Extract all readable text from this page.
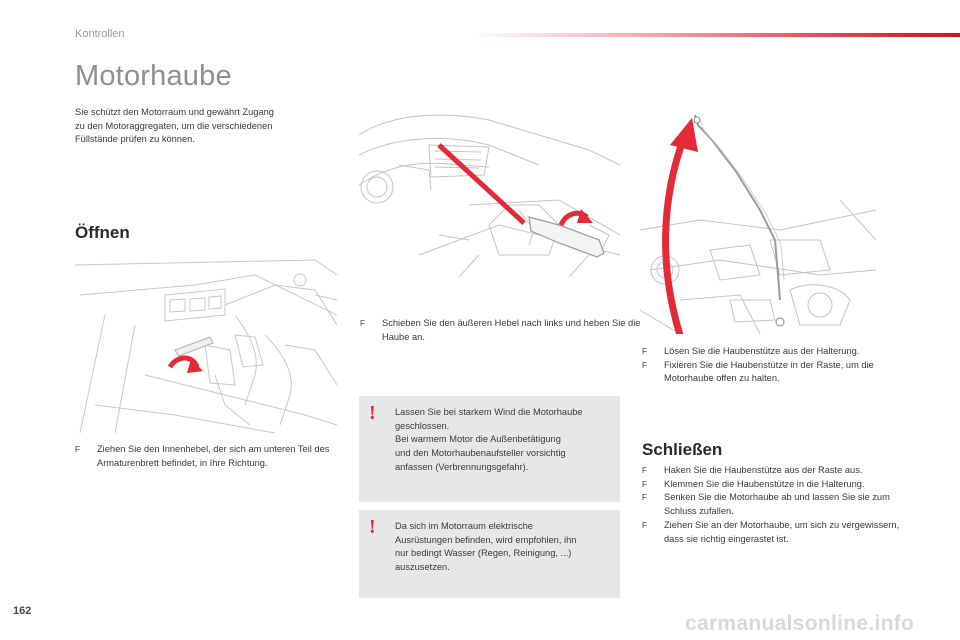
Kontrollen
Motorhaube
Sie schützt den Motorraum und gewährt Zugang
zu den Motoraggregaten, um die verschiedenen
Füllstände prüfen zu können.
Öffnen
F Ziehen Sie den Innenhebel, der sich am unteren Teil des Armaturenbrett befindet, in Ihre Richtung.
F Schieben Sie den äußeren Hebel nach links und heben Sie die Haube an.
! Lassen Sie bei starkem Wind die Motorhaube
geschlossen.
Bei warmem Motor die Außenbetätigung
und den Motorhaubenaufsteller vorsichtig
anfassen (Verbrennungsgefahr).
! Da sich im Motorraum elektrische
Ausrüstungen befinden, wird empfohlen, ihn
nur bedingt Wasser (Regen, Reinigung, ...)
auszusetzen.
F Lösen Sie die Haubenstütze aus der Halterung.
F Fixieren Sie die Haubenstütze in der Raste, um die Motorhaube offen zu halten.
Schließen
F Haken Sie die Haubenstütze aus der Raste aus.
F Klemmen Sie die Haubenstütze in die Halterung.
F Senken Sie die Motorhaube ab und lassen Sie sie zum Schluss zufallen.
F Ziehen Sie an der Motorhaube, um sich zu vergewissern, dass sie richtig eingerastet ist.
162
carmanualsonline.info
